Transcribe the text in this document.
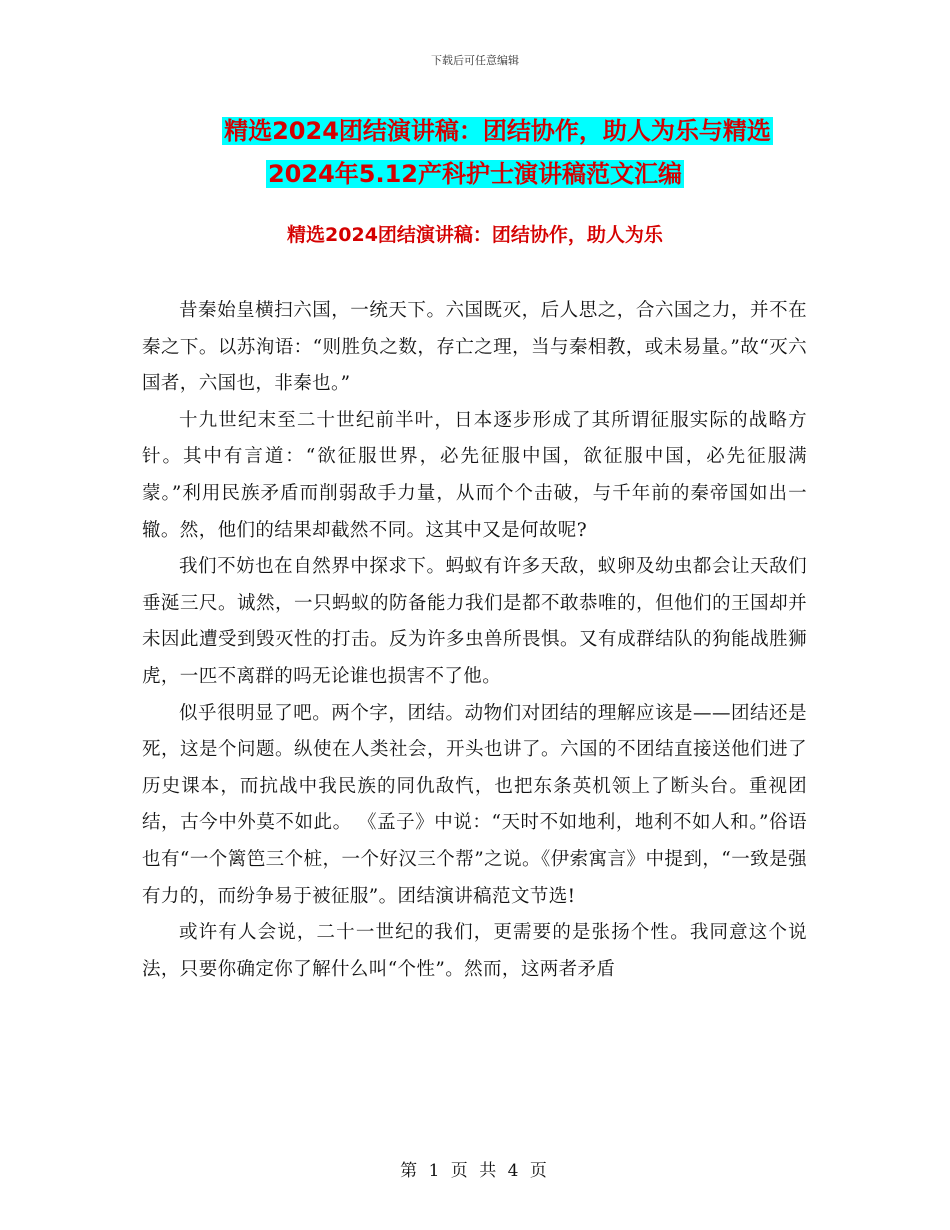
下载后可任意编辑
精选2024团结演讲稿：团结协作，助人为乐与精选
2024年5.12产科护士演讲稿范文汇编
精选2024团结演讲稿：团结协作，助人为乐

昔秦始皇横扫六国，一统天下。六国既灭，后人思之，合六国之力，并不在秦之下。以苏洵语：“则胜负之数，存亡之理，当与秦相教，或未易量。”故“灭六国者，六国也，非秦也。”

十九世纪末至二十世纪前半叶，日本逐步形成了其所谓征服实际的战略方针。其中有言道：“欲征服世界，必先征服中国，欲征服中国，必先征服满蒙。”利用民族矛盾而削弱敌手力量，从而个个击破，与千年前的秦帝国如出一辙。然，他们的结果却截然不同。这其中又是何故呢?

我们不妨也在自然界中探求下。蚂蚁有许多天敌，蚁卵及幼虫都会让天敌们垂涎三尺。诚然，一只蚂蚁的防备能力我们是都不敢恭唯的，但他们的王国却并未因此遭受到毁灭性的打击。反为许多虫兽所畏惧。又有成群结队的狗能战胜狮虎，一匹不离群的吗无论谁也损害不了他。

似乎很明显了吧。两个字，团结。动物们对团结的理解应该是——团结还是死，这是个问题。纵使在人类社会，开头也讲了。六国的不团结直接送他们进了历史课本，而抗战中我民族的同仇敌忾，也把东条英机领上了断头台。重视团结，古今中外莫不如此。 《孟子》中说：“天时不如地利，地利不如人和。”俗语也有“一个篱笆三个桩，一个好汉三个帮”之说。《伊索寓言》中提到，“一致是强有力的，而纷争易于被征服”。团结演讲稿范文节选!

或许有人会说，二十一世纪的我们，更需要的是张扬个性。我同意这个说法，只要你确定你了解什么叫“个性”。然而，这两者矛盾

第 1 页 共 4 页
